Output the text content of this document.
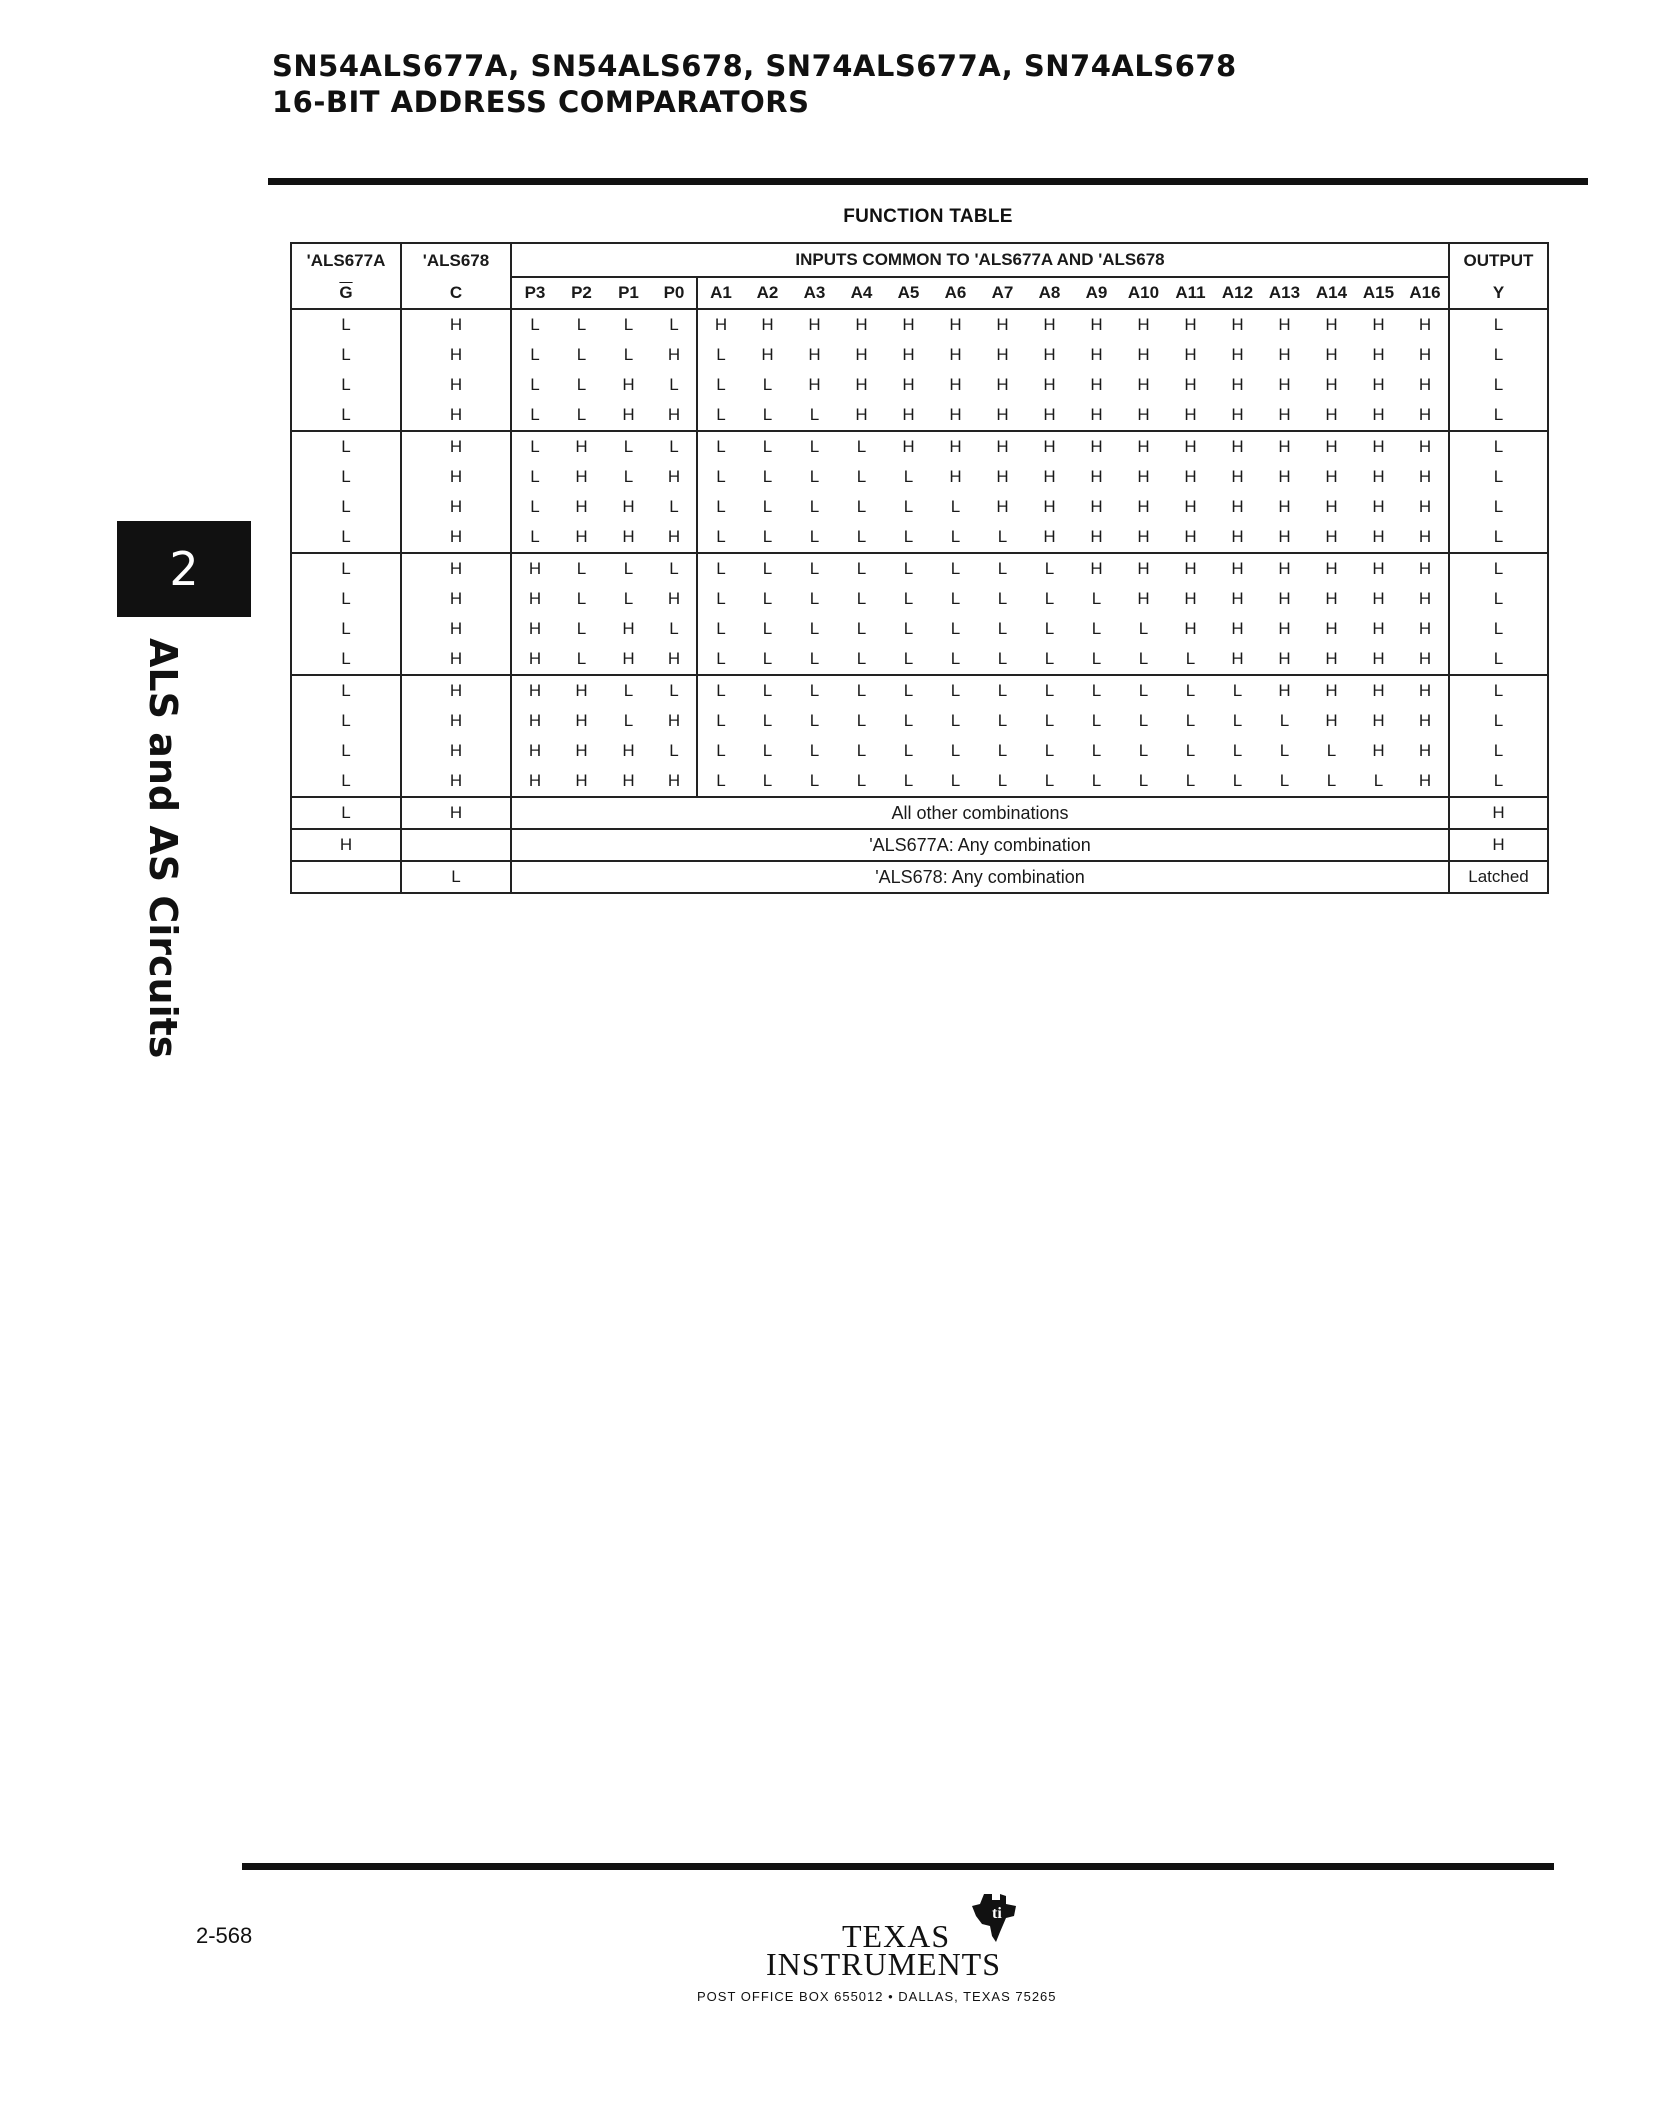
SN54ALS677A, SN54ALS678, SN74ALS677A, SN74ALS678
16-BIT ADDRESS COMPARATORS
FUNCTION TABLE
'ALS677A	'ALS678	INPUTS COMMON TO 'ALS677A AND 'ALS678																				OUTPUT
$\overline{G}$	C	P3	P2	P1	P0	A1	A2	A3	A4	A5	A6	A7	A8	A9	A10	A11	A12	A13	A14	A15	A16	Y
L	H	L	L	L	L	H	H	H	H	H	H	H	H	H	H	H	H	H	H	H	H	L
L	H	L	L	L	H	L	H	H	H	H	H	H	H	H	H	H	H	H	H	H	H	L
L	H	L	L	H	L	L	L	H	H	H	H	H	H	H	H	H	H	H	H	H	H	L
L	H	L	L	H	H	L	L	L	H	H	H	H	H	H	H	H	H	H	H	H	H	L
L	H	L	H	L	L	L	L	L	L	H	H	H	H	H	H	H	H	H	H	H	H	L
L	H	L	H	L	H	L	L	L	L	L	H	H	H	H	H	H	H	H	H	H	H	L
L	H	L	H	H	L	L	L	L	L	L	L	H	H	H	H	H	H	H	H	H	H	L
L	H	L	H	H	H	L	L	L	L	L	L	L	H	H	H	H	H	H	H	H	H	L
L	H	H	L	L	L	L	L	L	L	L	L	L	L	H	H	H	H	H	H	H	H	L
L	H	H	L	L	H	L	L	L	L	L	L	L	L	L	H	H	H	H	H	H	H	L
L	H	H	L	H	L	L	L	L	L	L	L	L	L	L	L	H	H	H	H	H	H	L
L	H	H	L	H	H	L	L	L	L	L	L	L	L	L	L	L	H	H	H	H	H	L
L	H	H	H	L	L	L	L	L	L	L	L	L	L	L	L	L	L	H	H	H	H	L
L	H	H	H	L	H	L	L	L	L	L	L	L	L	L	L	L	L	L	H	H	H	L
L	H	H	H	H	L	L	L	L	L	L	L	L	L	L	L	L	L	L	L	H	H	L
L	H	H	H	H	H	L	L	L	L	L	L	L	L	L	L	L	L	L	L	L	H	L
L	H	All other combinations																				H
H		'ALS677A: Any combination																				H
	L	'ALS678: Any combination																				Latched
2
ALS and AS Circuits
2-568
ti
TEXAS
INSTRUMENTS
POST OFFICE BOX 655012 • DALLAS, TEXAS 75265
